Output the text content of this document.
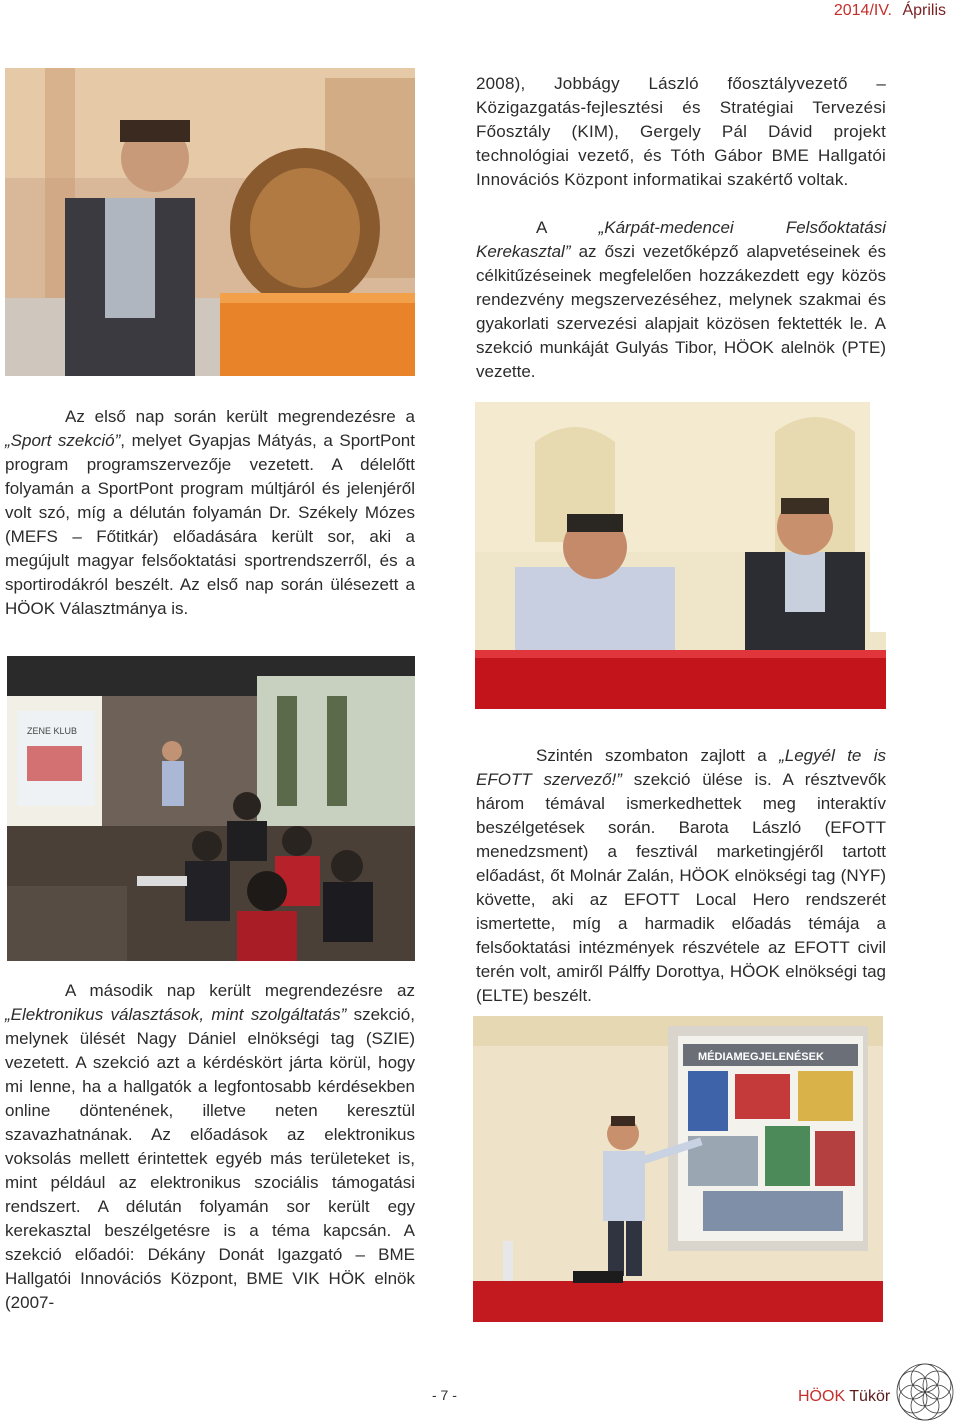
2014/IV. Április

2008), Jobbágy László főosztályvezető – Közigazgatás-fejlesztési és Stratégiai Tervezési Főosztály (KIM), Gergely Pál Dávid projekt technológiai vezető, és Tóth Gábor BME Hallgatói Innovációs Központ informatikai szakértő voltak.

A „Kárpát-medencei Felsőoktatási Kerekasztal” az őszi vezetőképző alapvetéseinek és célkitűzéseinek megfelelően hozzákezdett egy közös rendezvény megszervezéséhez, melynek szakmai és gyakorlati szervezési alapjait közösen fektették le. A szekció munkáját Gulyás Tibor, HÖOK alelnök (PTE) vezette.

Az első nap során került megrendezésre a „Sport szekció”, melyet Gyapjas Mátyás, a SportPont program programszervezője vezetett. A délelőtt folyamán a SportPont program múltjáról és jelenjéről volt szó, míg a délután folyamán Dr. Székely Mózes (MEFS – Főtitkár) előadására került sor, aki a megújult magyar felsőoktatási sportrendszerről, és a sportirodákról beszélt. Az első nap során ülésezett a HÖOK Választmánya is.

ZENE KLUB

A második nap került megrendezésre az „Elektronikus választások, mint szolgáltatás” szekció, melynek ülését Nagy Dániel elnökségi tag (SZIE) vezetett. A szekció azt a kérdéskört járta körül, hogy mi lenne, ha a hallgatók a legfontosabb kérdésekben online döntenének, illetve neten keresztül szavazhatnának. Az előadások az elektronikus voksolás mellett érintettek egyéb más területeket is, mint például az elektronikus szociális támogatási rendszert. A délután folyamán sor került egy kerekasztal beszélgetésre is a téma kapcsán. A szekció előadói: Dékány Donát Igazgató – BME Hallgatói Innovációs Központ, BME VIK HÖK elnök (2007-

Szintén szombaton zajlott a „Legyél te is EFOTT szervező!” szekció ülése is. A résztvevők három témával ismerkedhettek meg interaktív beszélgetések során. Barota László (EFOTT menedzsment) a fesztivál marketingjéről tartott előadást, őt Molnár Zalán, HÖOK elnökségi tag (NYF) követte, aki az EFOTT Local Hero rendszerét ismertette, míg a harmadik előadás témája a felsőoktatási intézmények részvétele az EFOTT civil terén volt, amiről Pálffy Dorottya, HÖOK elnökségi tag (ELTE) beszélt.

MÉDIAMEGJELENÉSEK
- 7 -	HÖOK Tükör
